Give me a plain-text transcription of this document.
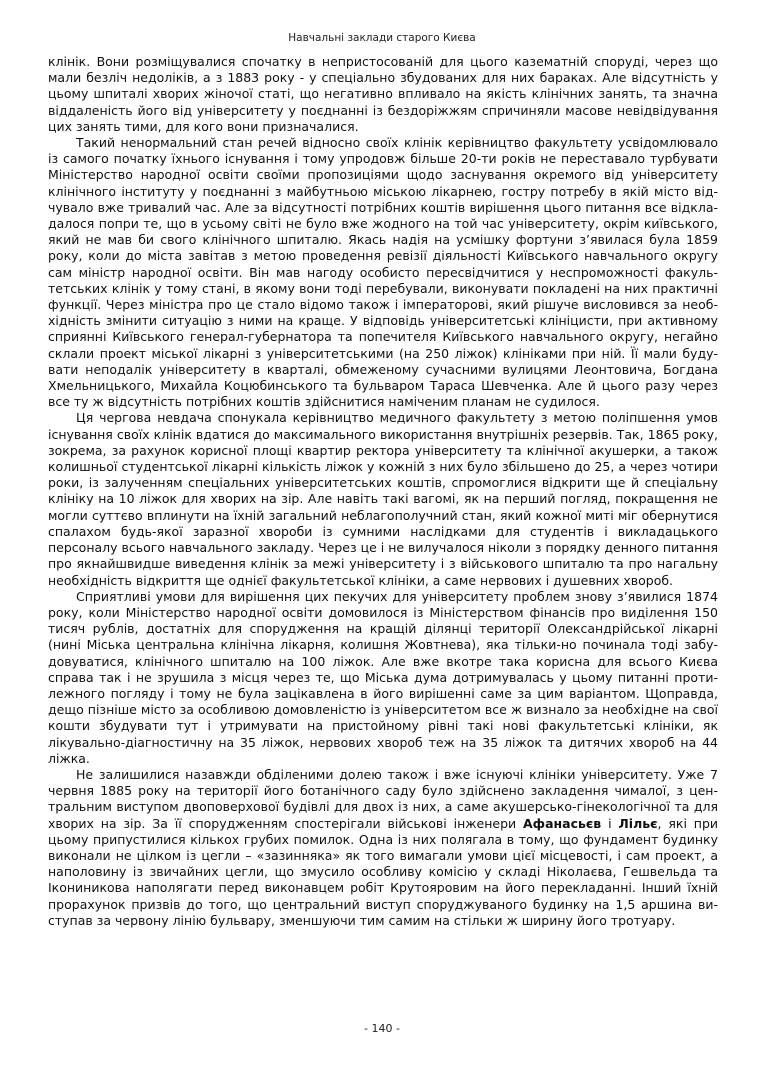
Навчальні заклади старого Києва

клінік. Вони розміщувалися спочатку в непристосованій для цього казематній споруді, через що мали безліч недоліків, а з 1883 року - у спеціально збудованих для них бараках. Але відсутність у цьому шпиталі хворих жіночої статі, що негативно впливало на якість клінічних занять, та значна віддаленість його від університету у поєднанні із бездоріжжям спричиняли масове невідвідування цих занять тими, для кого вони призначалися.

Такий ненормальний стан речей відносно своїх клінік керівництво факультету усвідомлювало із самого початку їхнього існування і тому упродовж більше 20-ти років не переставало турбувати Міністерство народної освіти своїми пропозиціями щодо заснування окремого від університету клінічного інституту у поєднанні з майбутньою міською лікарнею, гостру потребу в якій місто відчувало вже тривалий час. Але за відсутності потрібних коштів вирішення цього питання все відкладалося попри те, що в усьому світі не було вже жодного на той час університету, окрім київського, який не мав би свого клінічного шпиталю. Якась надія на усмішку фортуни з’явилася була 1859 року, коли до міста завітав з метою проведення ревізії діяльності Київського навчального округу сам міністр народної освіти. Він мав нагоду особисто пересвідчитися у неспроможності факультетських клінік у тому стані, в якому вони тоді перебували, виконувати покладені на них практичні функції. Через міністра про це стало відомо також і імператорові, який рішуче висловився за необхідність змінити ситуацію з ними на краще. У відповідь університетські клініцисти, при активному сприянні Київського генерал-губернатора та попечителя Київського навчального округу, негайно склали проект міської лікарні з університетськими (на 250 ліжок) клініками при ній. Її мали будувати неподалік університету в кварталі, обмеженому сучасними вулицями Леонтовича, Богдана Хмельницького, Михайла Коцюбинського та бульваром Тараса Шевченка. Але й цього разу через все ту ж відсутність потрібних коштів здійснитися наміченим планам не судилося.

Ця чергова невдача спонукала керівництво медичного факультету з метою поліпшення умов існування своїх клінік вдатися до максимального використання внутрішніх резервів. Так, 1865 року, зокрема, за рахунок корисної площі квартир ректора університету та клінічної акушерки, а також колишньої студентської лікарні кількість ліжок у кожній з них було збільшено до 25, а через чотири роки, із залученням спеціальних університетських коштів, спромоглися відкрити ще й спеціальну клініку на 10 ліжок для хворих на зір. Але навіть такі вагомі, як на перший погляд, покращення не могли суттєво вплинути на їхній загальний неблагополучний стан, який кожної миті міг обернутися спалахом будь-якої заразної хвороби із сумними наслідками для студентів і викладацького персоналу всього навчального закладу. Через це і не вилучалося ніколи з порядку денного питання про якнайшвидше виведення клінік за межі університету і з військового шпиталю та про нагальну необхідність відкриття ще однієї факультетської клініки, а саме нервових і душевних хвороб.

Сприятливі умови для вирішення цих пекучих для університету проблем знову з’явилися 1874 року, коли Міністерство народної освіти домовилося із Міністерством фінансів про виділення 150 тисяч рублів, достатніх для спорудження на кращій ділянці території Олександрійської лікарні (нині Міська центральна клінічна лікарня, колишня Жовтнева), яка тільки-но починала тоді забудовуватися, клінічного шпиталю на 100 ліжок. Але вже вкотре така корисна для всього Києва справа так і не зрушила з місця через те, що Міська дума дотримувалась у цьому питанні протилежного погляду і тому не була зацікавлена в його вирішенні саме за цим варіантом. Щоправда, дещо пізніше місто за особливою домовленістю із університетом все ж визнало за необхідне на свої кошти збудувати тут і утримувати на пристойному рівні такі нові факультетські клініки, як лікувально-діагностичну на 35 ліжок, нервових хвороб теж на 35 ліжок та дитячих хвороб на 44 ліжка.

Не залишилися назавжди обділеними долею також і вже існуючі клініки університету. Уже 7 червня 1885 року на території його ботанічного саду було здійснено закладення чималої, з центральним виступом двоповерхової будівлі для двох із них, а саме акушерсько-гінекологічної та для хворих на зір. За її спорудженням спостерігали військові інженери Афанасьєв і Лільє, які при цьому припустилися кількох грубих помилок. Одна із них полягала в тому, що фундамент будинку виконали не цілком із цегли – «зазинняка» як того вимагали умови цієї місцевості, і сам проект, а наполовину із звичайних цегли, що змусило особливу комісію у складі Ніколаєва, Гешвельда та Ікониникова наполягати перед виконавцем робіт Крутояровим на його перекладанні. Інший їхній прорахунок призвів до того, що центральний виступ споруджуваного будинку на 1,5 аршина виступав за червону лінію бульвару, зменшуючи тим самим на стільки ж ширину його тротуару.

- 140 -
